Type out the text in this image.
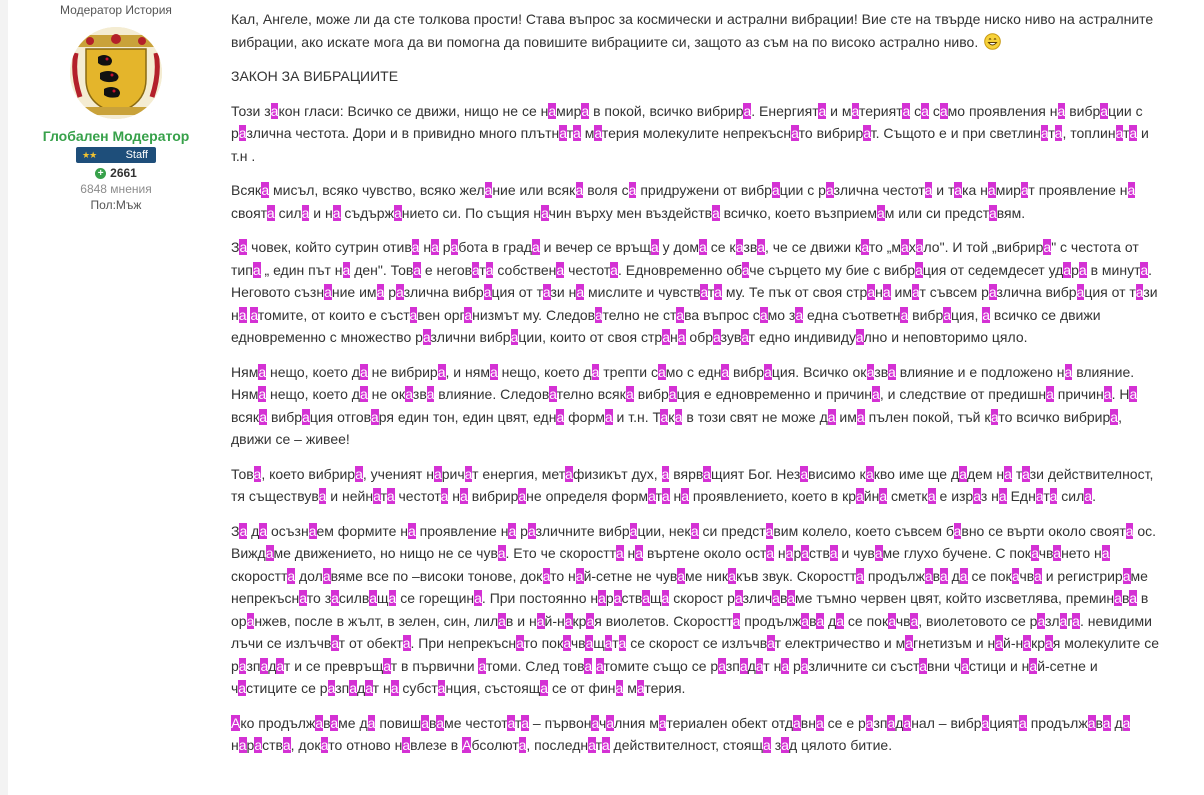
Модератор История
Глобален Модератор
★★	Staff
+ 2661
6848 мнения
Пол:Мъж

Кал, Ангеле, може ли да сте толкова прости! Става въпрос за космически и астрални вибрации! Вие сте на твърде ниско ниво на астралните вибрации, ако искате мога да ви помогна да повишите вибрациите си, защото аз съм на по високо астрално ниво.

ЗАКОН ЗА ВИБРАЦИИТЕ

Този закон гласи: Всичко се движи, нищо не се намира в покой, всичко вибрира. Енергията и материята са само проявления на вибрации с различна честота. Дори и в привидно много плътната материя молекулите непрекъснато вибрират. Същото е и при светлината, топлината и т.н .

Всяка мисъл, всяко чувство, всяко желание или всяка воля са придружени от вибрации с различна честота и така намират проявление на своята сила и на съдържанието си. По същия начин върху мен въздейства всичко, което възприемам или си представям.

За човек, който сутрин отива на работа в града и вечер се връща у дома се казва, че се движи като „махало". И той „вибрира" с честотa от типа „ един път на ден". Това е неговата собствена честота. Едновременно обаче сърцето му бие с вибрация от седемдесет удара в минута. Неговото съзнание има различна вибрация от тази на мислите и чувствата му. Те пък от своя страна имат съвсем различна вибрация от тази на атомите, от които е съставен организмът му. Следователно не става въпрос само за една съответна вибрация, а всичко се движи едновременно с множество различни вибрации, които от своя страна образуват едно индивидуално и неповторимо цяло.

Няма нещо, което да не вибрира, и няма нещо, което да трепти само с една вибрация. Всичко оказва влияние и е подложено на влияние. Няма нещо, което да не оказва влияние. Следователно всяка вибрация е едновременно и причина, и следствие от предишна причина. На всяка вибрация отговаря един тон, един цвят, една форма и т.н. Така в този свят не може да има пълен покой, тъй като всичко вибрира, движи се – живее!

Това, което вибрира, ученият наричат енергия, метафизикът дух, а вярващият Бог. Независимо какво име ще дадем на тази действителност, тя съществува и нейната честота на вибриране определя формата на проявлението, което в крайна сметка е израз на Едната сила.

За да осъзнаем формите на проявление на различните вибрации, нека си представим колело, което съвсем бавно се върти около своята ос. Виждаме движението, но нищо не се чува. Ето че скоростта на въртене около оста нараства и чуваме глухо бучене. С покачването на скоростта долавяме все по –високи тонове, докато най-сетне не чуваме никакъв звук. Скоростта продължава да се покачва и регистрираме непрекъснато засилваща се горещина. При постоянно нарастваща скорост различаваме тъмно червен цвят, който изсветлява, преминава в оранжев, после в жълт, в зелен, син, лилав и най-накрая виолетов. Скоростта продължава да се покачва, виолетовото се разлага. невидими лъчи се излъчват от обекта. При непрекъснато покачващата се скорост се излъчват електричество и магнетизъм и най-накрая молекулите се разпадат и се превръщат в първични атоми. След това атомите също се разпадат на различните си съставни частици и най-сетне и частиците се разпадат на субстанция, състояща се от фина материя.

Ако продължаваме да повишаваме честотата – първоначалния материален обект отдавна се е разпаданал – вибрацията продължава да нараства, докато отново навлезе в Абсолюта, последната действителност, стояща зад цялото битие.
